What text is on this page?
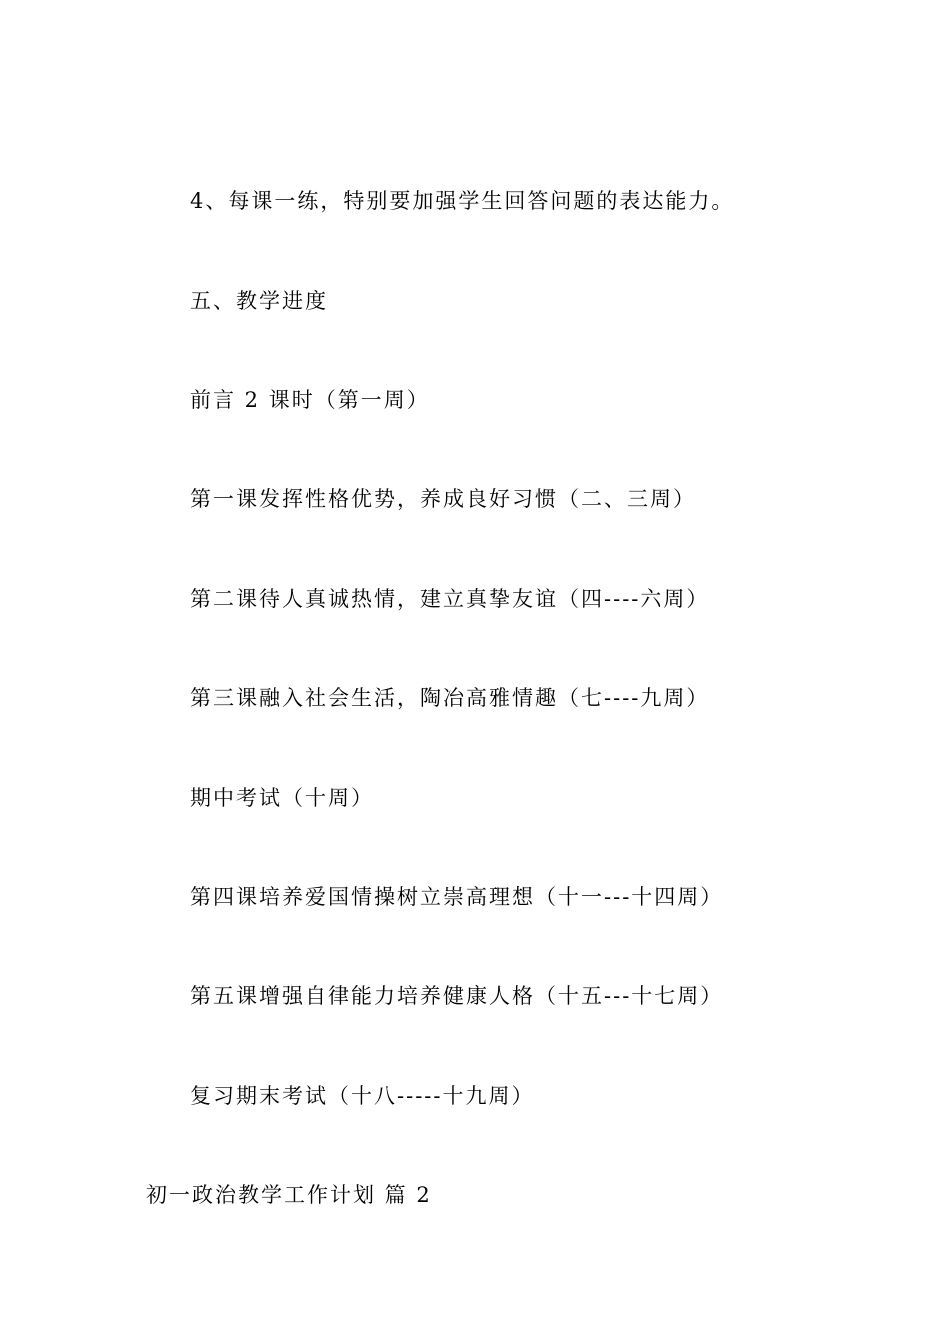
4、每课一练，特别要加强学生回答问题的表达能力。
五、教学进度
前言 2 课时（第一周）
第一课发挥性格优势，养成良好习惯（二、三周）
第二课待人真诚热情，建立真挚友谊（四----六周）
第三课融入社会生活，陶冶高雅情趣（七----九周）
期中考试（十周）
第四课培养爱国情操树立崇高理想（十一---十四周）
第五课增强自律能力培养健康人格（十五---十七周）
复习期末考试（十八-----十九周）
初一政治教学工作计划 篇 2
